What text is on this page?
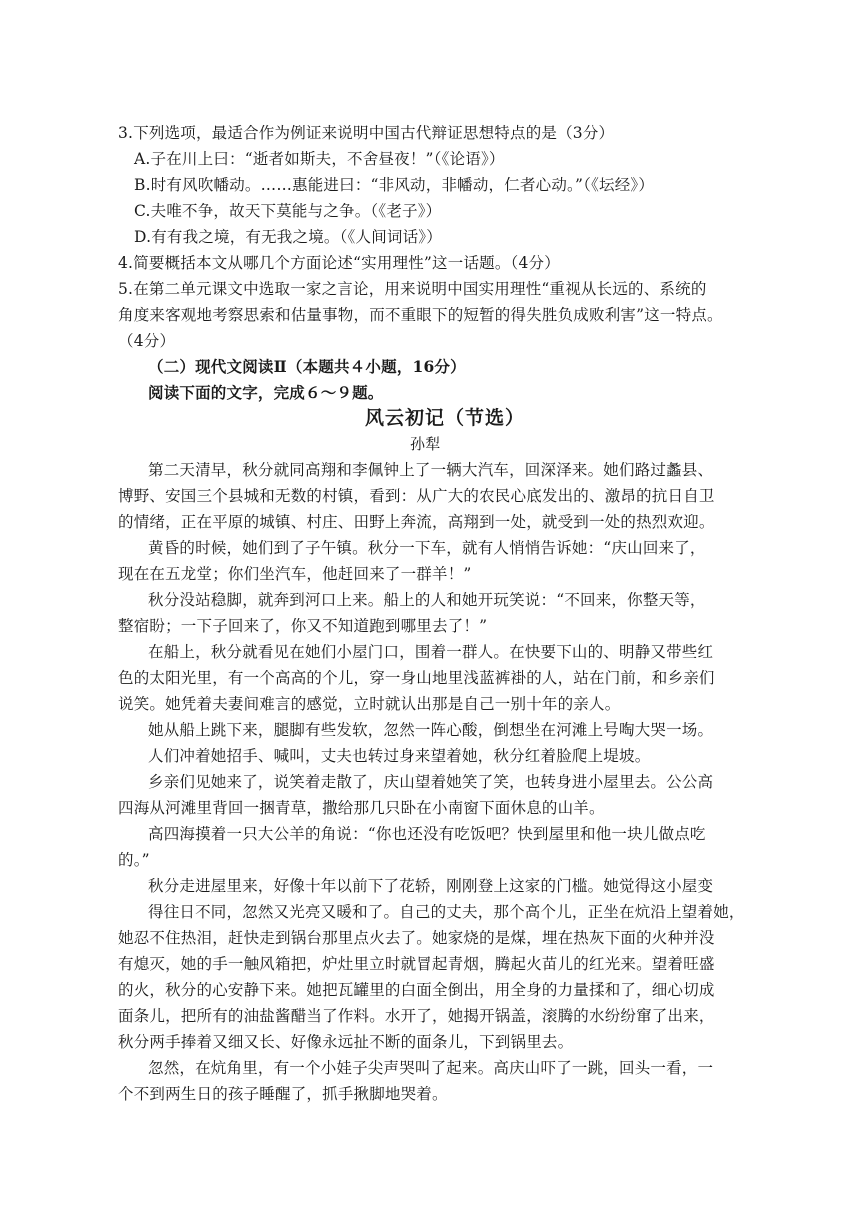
3.下列选项，最适合作为例证来说明中国古代辩证思想特点的是（3分）
A.子在川上曰：“逝者如斯夫，不舍昼夜！”（《论语》）
B.时有风吹幡动。……惠能进曰：“非风动，非幡动，仁者心动。”（《坛经》）
C.夫唯不争，故天下莫能与之争。（《老子》）
D.有有我之境，有无我之境。（《人间词话》）
4.简要概括本文从哪几个方面论述“实用理性”这一话题。（4分）
5.在第二单元课文中选取一家之言论，用来说明中国实用理性“重视从长远的、系统的
角度来客观地考察思索和估量事物，而不重眼下的短暂的得失胜负成败利害”这一特点。
（4分）
（二）现代文阅读Ⅱ（本题共４小题，16分）
阅读下面的文字，完成６～９题。
风云初记（节选）
孙犁
第二天清早，秋分就同高翔和李佩钟上了一辆大汽车，回深泽来。她们路过蠡县、
博野、安国三个县城和无数的村镇，看到：从广大的农民心底发出的、激昂的抗日自卫
的情绪，正在平原的城镇、村庄、田野上奔流，高翔到一处，就受到一处的热烈欢迎。
黄昏的时候，她们到了子午镇。秋分一下车，就有人悄悄告诉她：“庆山回来了，
现在在五龙堂；你们坐汽车，他赶回来了一群羊！”
秋分没站稳脚，就奔到河口上来。船上的人和她开玩笑说：“不回来，你整天等，
整宿盼；一下子回来了，你又不知道跑到哪里去了！”
在船上，秋分就看见在她们小屋门口，围着一群人。在快要下山的、明静又带些红
色的太阳光里，有一个高高的个儿，穿一身山地里浅蓝裤褂的人，站在门前，和乡亲们
说笑。她凭着夫妻间难言的感觉，立时就认出那是自己一别十年的亲人。
她从船上跳下来，腿脚有些发软，忽然一阵心酸，倒想坐在河滩上号啕大哭一场。
人们冲着她招手、喊叫，丈夫也转过身来望着她，秋分红着脸爬上堤坡。
乡亲们见她来了，说笑着走散了，庆山望着她笑了笑，也转身进小屋里去。公公高
四海从河滩里背回一捆青草，撒给那几只卧在小南窗下面休息的山羊。
高四海摸着一只大公羊的角说：“你也还没有吃饭吧？快到屋里和他一块儿做点吃
的。”
秋分走进屋里来，好像十年以前下了花轿，刚刚登上这家的门槛。她觉得这小屋变
得往日不同，忽然又光亮又暖和了。自己的丈夫，那个高个儿，正坐在炕沿上望着她，
她忍不住热泪，赶快走到锅台那里点火去了。她家烧的是煤，埋在热灰下面的火种并没
有熄灭，她的手一触风箱把，炉灶里立时就冒起青烟，腾起火苗儿的红光来。望着旺盛
的火，秋分的心安静下来。她把瓦罐里的白面全倒出，用全身的力量揉和了，细心切成
面条儿，把所有的油盐酱醋当了作料。水开了，她揭开锅盖，滚腾的水纷纷窜了出来，
秋分两手捧着又细又长、好像永远扯不断的面条儿，下到锅里去。
忽然，在炕角里，有一个小娃子尖声哭叫了起来。高庆山吓了一跳，回头一看，一
个不到两生日的孩子睡醒了，抓手揪脚地哭着。
